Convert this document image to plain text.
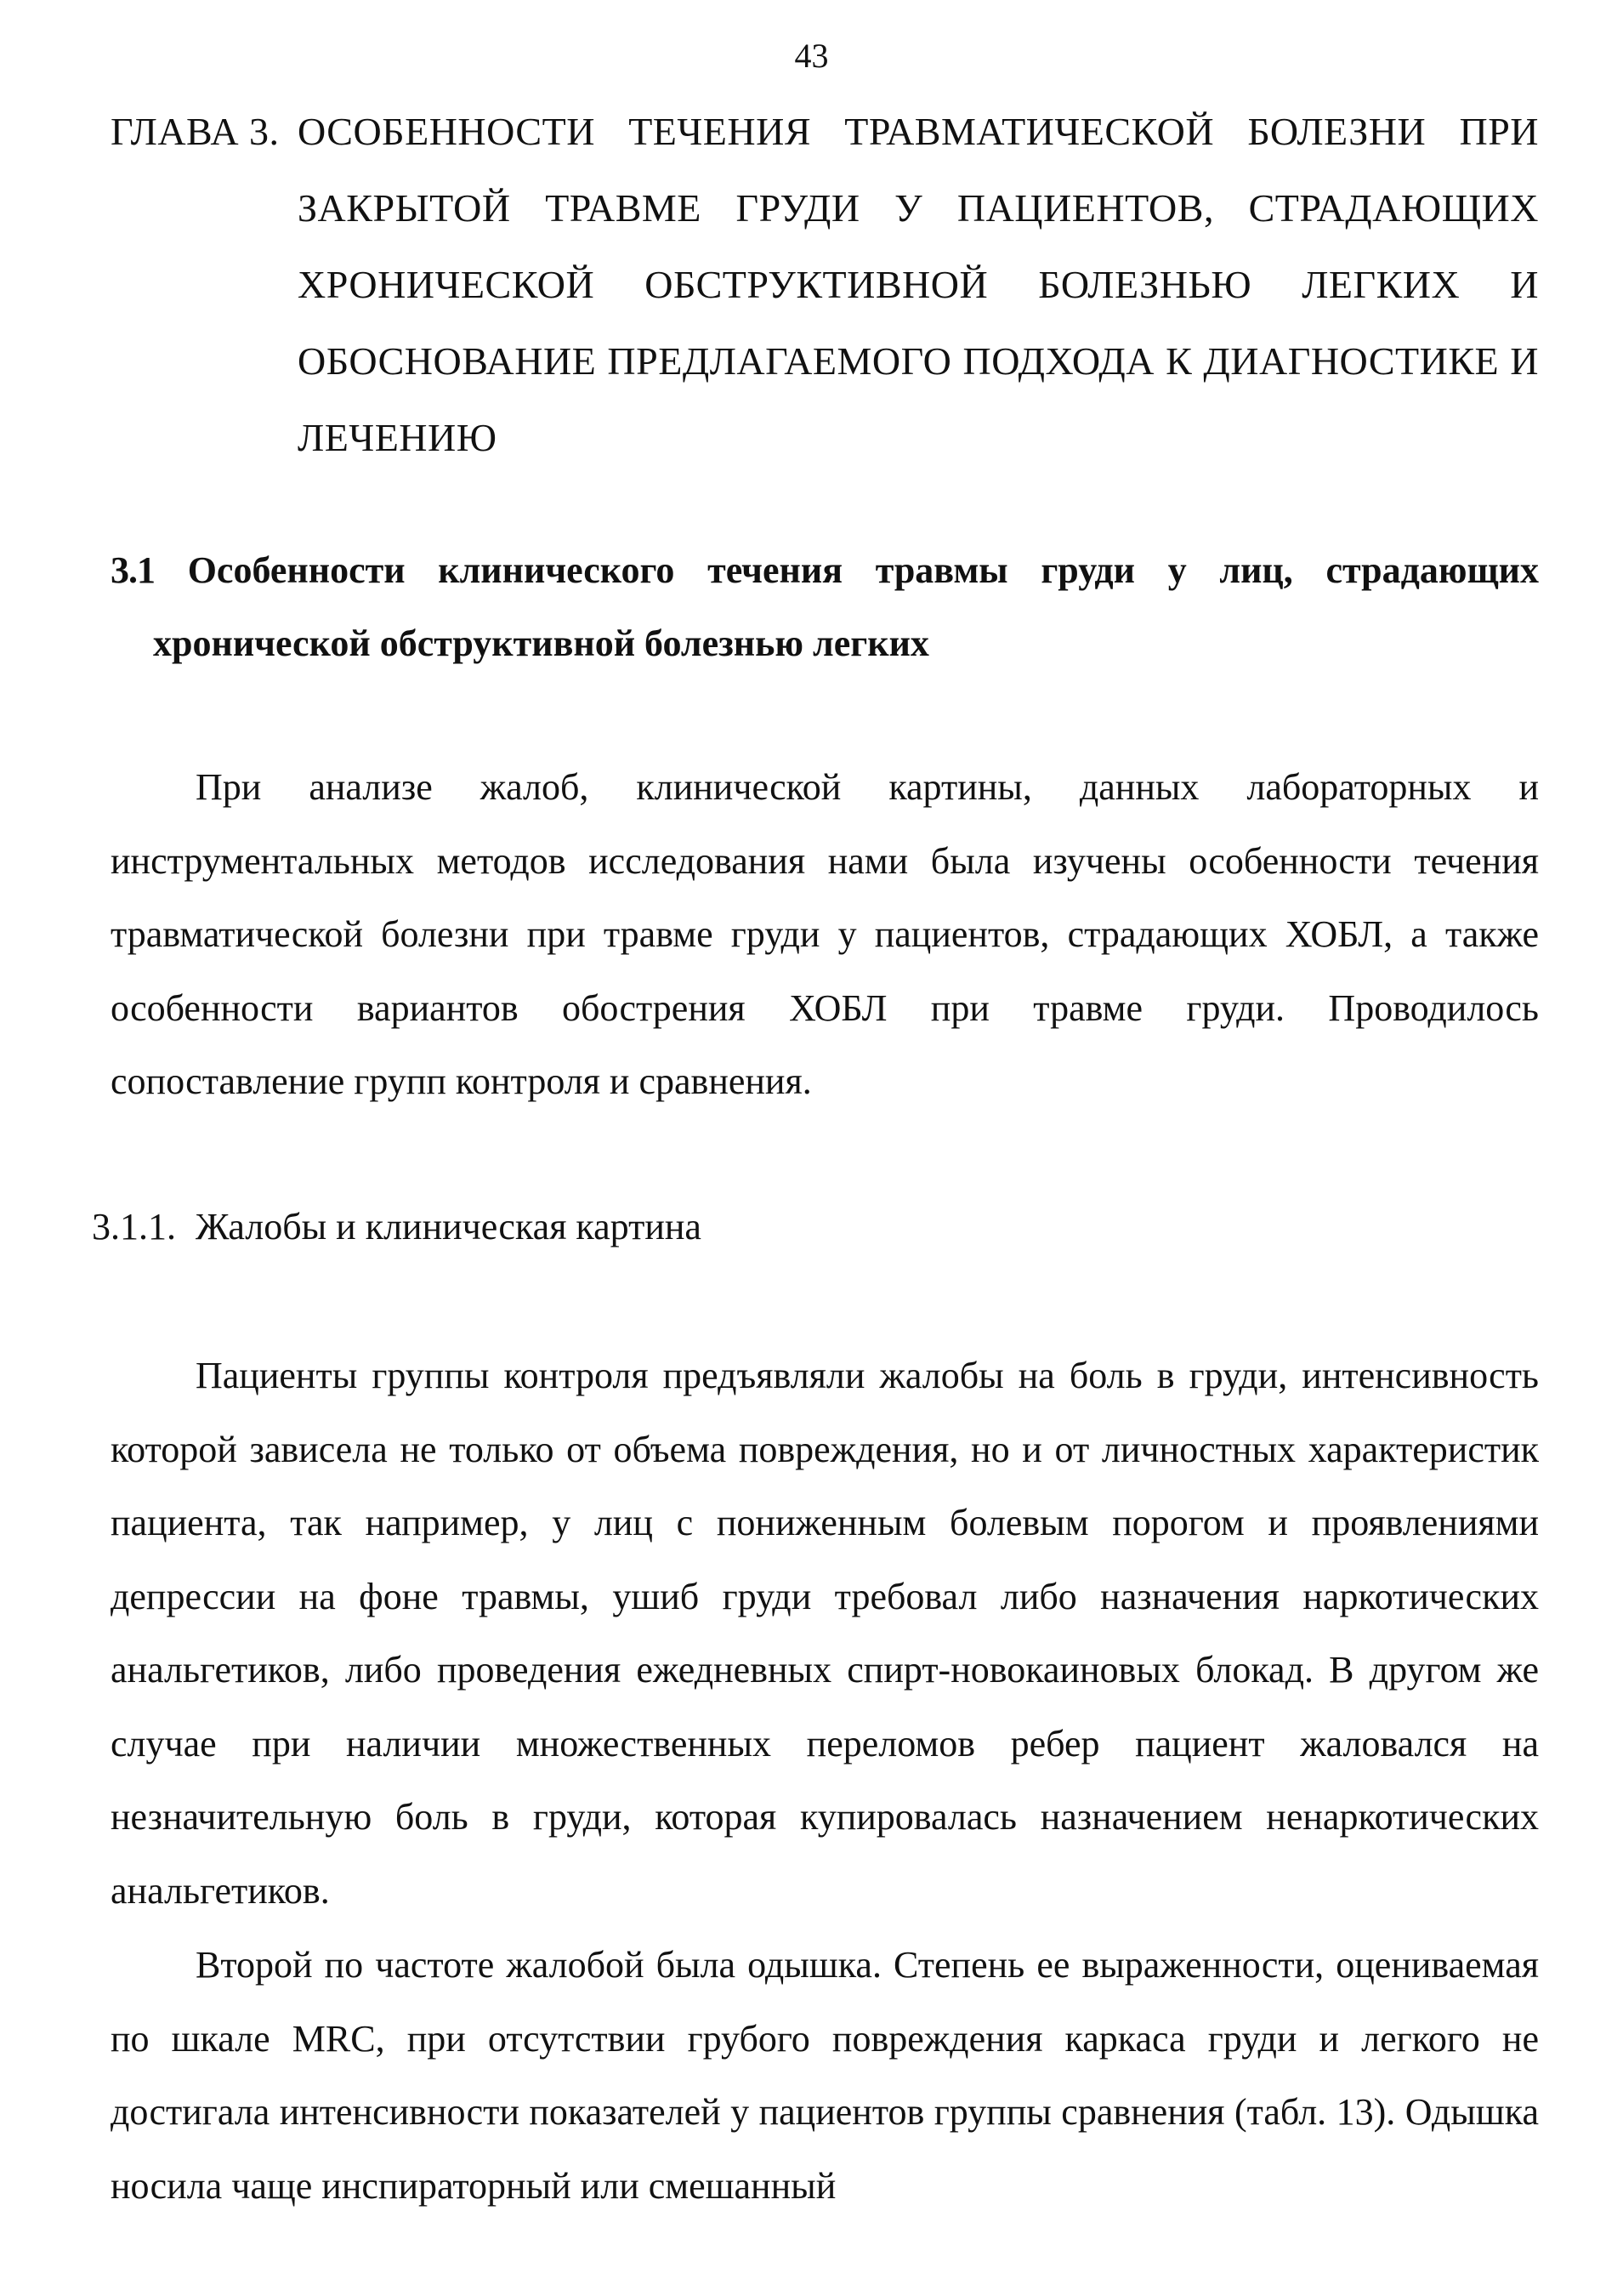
43
ГЛАВА 3. ОСОБЕННОСТИ ТЕЧЕНИЯ ТРАВМАТИЧЕСКОЙ БОЛЕЗНИ ПРИ ЗАКРЫТОЙ ТРАВМЕ ГРУДИ У ПАЦИЕНТОВ, СТРАДАЮЩИХ ХРОНИЧЕСКОЙ ОБСТРУКТИВНОЙ БОЛЕЗНЬЮ ЛЕГКИХ И ОБОСНОВАНИЕ ПРЕДЛАГАЕМОГО ПОДХОДА К ДИАГНОСТИКЕ И ЛЕЧЕНИЮ
3.1 Особенности клинического течения травмы груди у лиц, страдающих хронической обструктивной болезнью легких

При анализе жалоб, клинической картины, данных лабораторных и инструментальных методов исследования нами была изучены особенности течения травматической болезни при травме груди у пациентов, страдающих ХОБЛ, а также особенности вариантов обострения ХОБЛ при травме груди. Проводилось сопоставление групп контроля и сравнения.

3.1.1. Жалобы и клиническая картина

Пациенты группы контроля предъявляли жалобы на боль в груди, интенсивность которой зависела не только от объема повреждения, но и от личностных характеристик пациента, так например, у лиц с пониженным болевым порогом и проявлениями депрессии на фоне травмы, ушиб груди требовал либо назначения наркотических анальгетиков, либо проведения ежедневных спирт-новокаиновых блокад. В другом же случае при наличии множественных переломов ребер пациент жаловался на незначительную боль в груди, которая купировалась назначением ненаркотических анальгетиков.

Второй по частоте жалобой была одышка. Степень ее выраженности, оцениваемая по шкале MRC, при отсутствии грубого повреждения каркаса груди и легкого не достигала интенсивности показателей у пациентов группы сравнения (табл. 13). Одышка носила чаще инспираторный или смешанный
